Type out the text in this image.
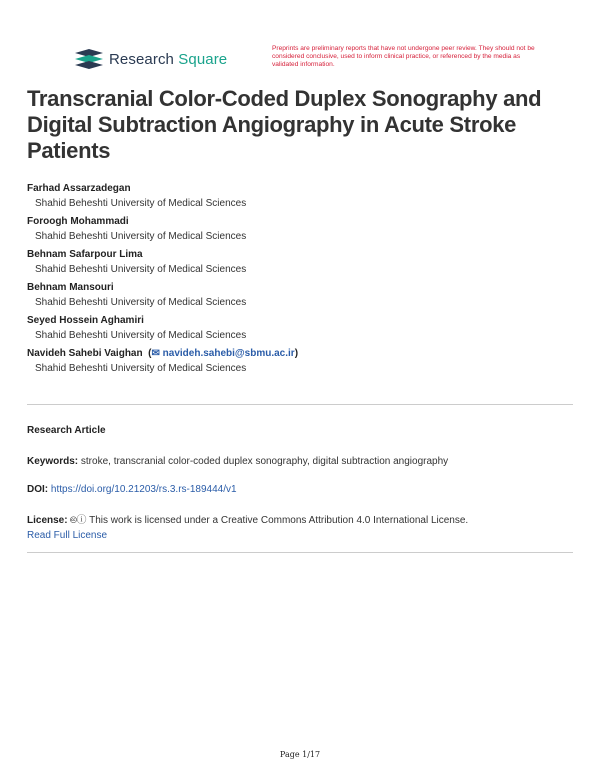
Research Square
Preprints are preliminary reports that have not undergone peer review. They should not be considered conclusive, used to inform clinical practice, or referenced by the media as validated information.
Transcranial Color-Coded Duplex Sonography and Digital Subtraction Angiography in Acute Stroke Patients
Farhad Assarzadegan
Shahid Beheshti University of Medical Sciences
Foroogh Mohammadi
Shahid Beheshti University of Medical Sciences
Behnam Safarpour Lima
Shahid Beheshti University of Medical Sciences
Behnam Mansouri
Shahid Beheshti University of Medical Sciences
Seyed Hossein Aghamiri
Shahid Beheshti University of Medical Sciences
Navideh Sahebi Vaighan  (✉ navideh.sahebi@sbmu.ac.ir)
Shahid Beheshti University of Medical Sciences
Research Article
Keywords: stroke, transcranial color-coded duplex sonography, digital subtraction angiography
DOI: https://doi.org/10.21203/rs.3.rs-189444/v1
License: 🅭ⓘ This work is licensed under a Creative Commons Attribution 4.0 International License.
Read Full License
Page 1/17
